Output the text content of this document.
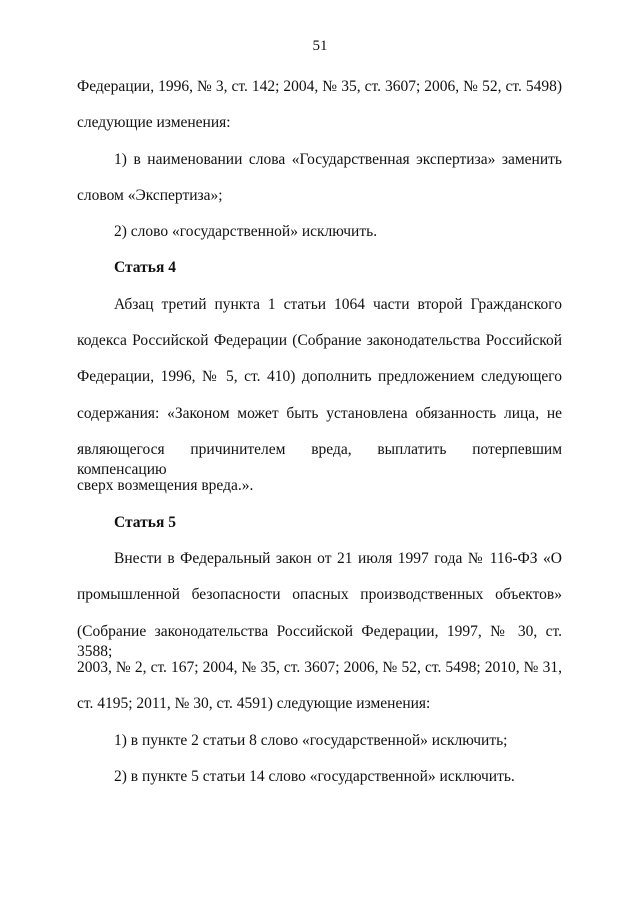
51
Федерации, 1996, № 3, ст. 142; 2004, № 35, ст. 3607; 2006, № 52, ст. 5498)
следующие изменения:
1) в наименовании слова «Государственная экспертиза» заменить
словом «Экспертиза»;
2) слово «государственной» исключить.
Статья 4
Абзац третий пункта 1 статьи 1064 части второй Гражданского
кодекса Российской Федерации (Собрание законодательства Российской
Федерации, 1996, № 5, ст. 410) дополнить предложением следующего
содержания: «Законом может быть установлена обязанность лица, не
являющегося причинителем вреда, выплатить потерпевшим компенсацию
сверх возмещения вреда.».
Статья 5
Внести в Федеральный закон от 21 июля 1997 года № 116-ФЗ «О
промышленной безопасности опасных производственных объектов»
(Собрание законодательства Российской Федерации, 1997, № 30, ст. 3588;
2003, № 2, ст. 167; 2004, № 35, ст. 3607; 2006, № 52, ст. 5498; 2010, № 31,
ст. 4195; 2011, № 30, ст. 4591) следующие изменения:
1) в пункте 2 статьи 8 слово «государственной» исключить;
2) в пункте 5 статьи 14 слово «государственной» исключить.
